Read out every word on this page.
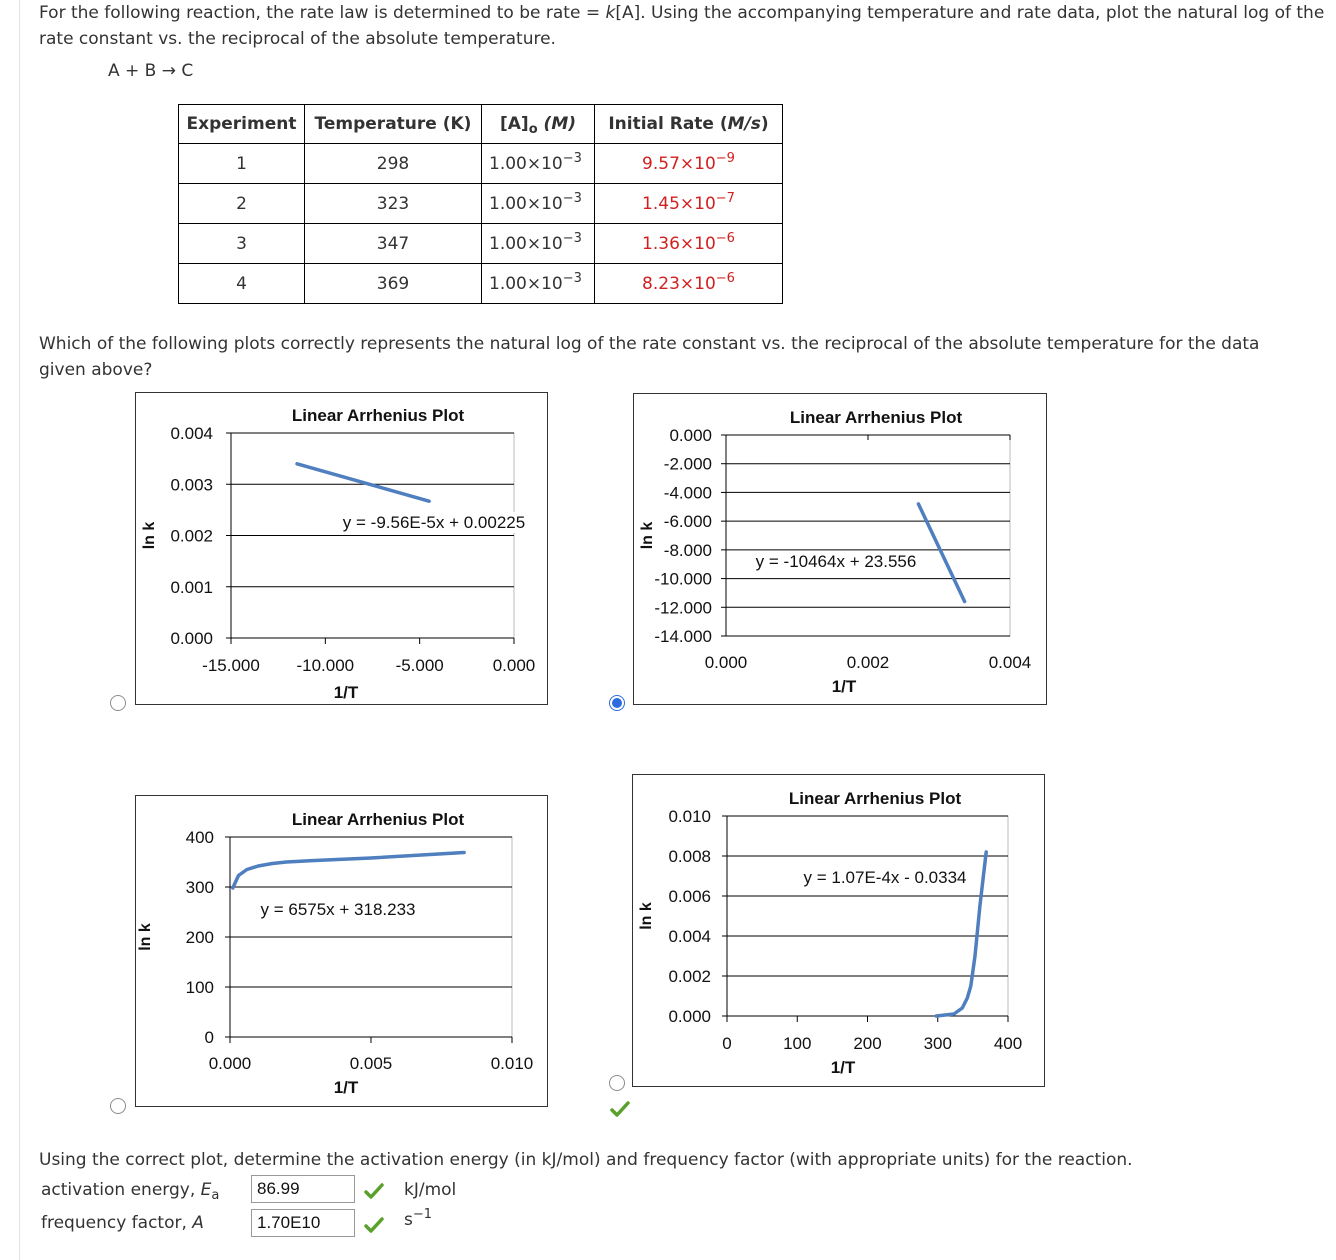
For the following reaction, the rate law is determined to be rate = k[A]. Using the accompanying temperature and rate data, plot the natural log of the rate constant vs. the reciprocal of the absolute temperature.
A + B → C
Experiment	Temperature (K)	$[A]_o$ (M)	Initial Rate (M/s)
1	298	$1.00\times 10^{-3}$	$9.57\times 10^{-9}$
2	323	$1.00\times 10^{-3}$	$1.45\times 10^{-7}$
3	347	$1.00\times 10^{-3}$	$1.36\times 10^{-6}$
4	369	$1.00\times 10^{-3}$	$8.23\times 10^{-6}$
Which of the following plots correctly represents the natural log of the rate constant vs. the reciprocal of the absolute temperature for the data given above?
Linear Arrhenius Plot
0.000
0.001
0.002
0.003
0.004
-15.000 -10.000 -5.000	0.000
1/T
ln k	y = -9.56E-5x + 0.00225
Linear Arrhenius Plot
0.000
-2.000
-4.000
-6.000
-8.000
-10.000
-12.000
-14.000
0.000	0.002	0.004
1/T
ln k
y = -10464x + 23.556
Linear Arrhenius Plot
0
100
200
300
400
0.000	0.005	0.010
1/T
ln k
y = 6575x + 318.233
Linear Arrhenius Plot
0.000
0.002
0.004
0.006
0.008
0.010
0	100 200 300 400
1/T
ln k
y = 1.07E-4x - 0.0334
Using the correct plot, determine the activation energy (in kJ/mol) and frequency factor (with appropriate units) for the reaction.
activation energy, $E_a$	86.99	kJ/mol
frequency factor, A	1.70E10	$s^{-1}$
